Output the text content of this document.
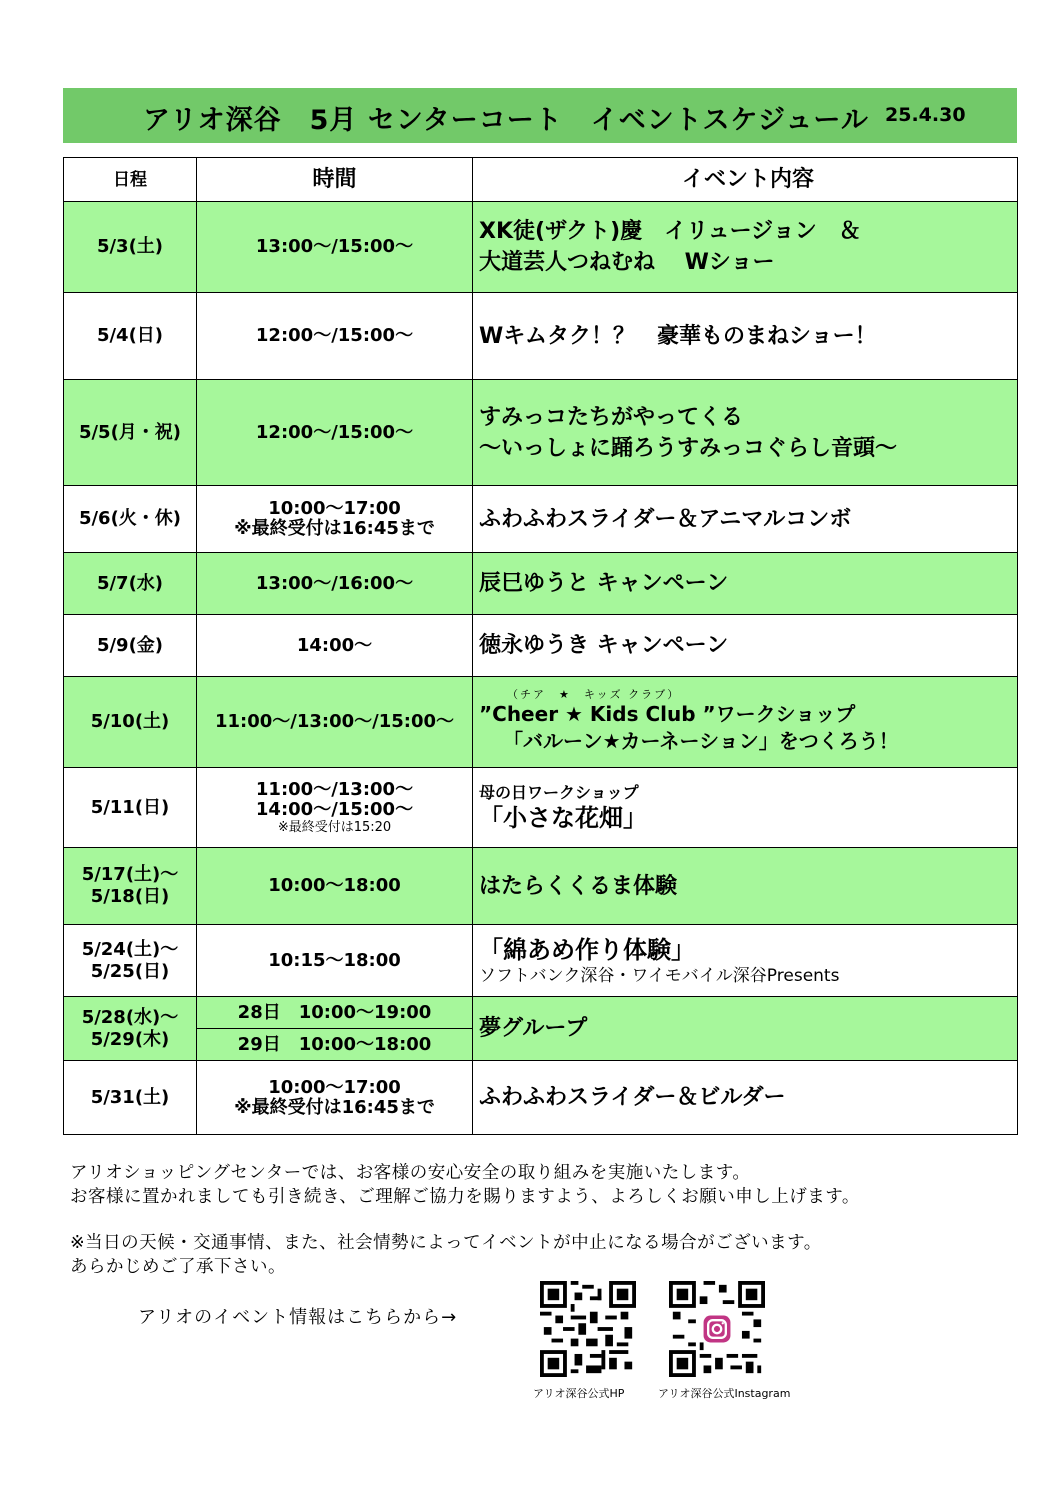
アリオ深谷　5月 センターコート　イベントスケジュール 25.4.30
日程	時間	イベント内容

5/3(土)	13:00～/15:00～	XK徒(ザクト)慶　イリュージョン　＆
大道芸人つねむね　 Wショー

5/4(日)	12:00～/15:00～	Wキムタク！？　豪華ものまねショー！

5/5(月・祝)	12:00～/15:00～	すみっコたちがやってくる
～いっしょに踊ろうすみっコぐらし音頭～

5/6(火・休)	10:00～17:00
※最終受付は16:45まで	ふわふわスライダー＆アニマルコンボ

5/7(水)	13:00～/16:00～	辰巳ゆうと キャンペーン

5/9(金)	14:00～	徳永ゆうき キャンペーン

5/10(土)	11:00～/13:00～/15:00～	（チア　★　キッズ クラブ）
”Cheer ★ Kids Club ”ワークショップ
「バルーン★カーネーション」をつくろう！

5/11(日)	11:00～/13:00～
14:00～/15:00～
※最終受付は15:20	母の日ワークショップ
「小さな花畑」

5/17(土)～
5/18(日)	10:00～18:00	はたらくくるま体験

5/24(土)～
5/25(日)	10:15～18:00	「綿あめ作り体験」
ソフトバンク深谷・ワイモバイル深谷Presents

5/28(水)～
5/29(木)	28日　10:00～19:00	夢グループ

	29日　10:00～18:00	

5/31(土)	10:00～17:00
※最終受付は16:45まで	ふわふわスライダー＆ビルダー

アリオショッピングセンターでは、お客様の安心安全の取り組みを実施いたします。

お客様に置かれましても引き続き、ご理解ご協力を賜りますよう、よろしくお願い申し上げます。

※当日の天候・交通事情、また、社会情勢によってイベントが中止になる場合がございます。

あらかじめご了承下さい。

アリオのイベント情報はこちらから→
アリオ深谷公式HP	アリオ深谷公式Instagram
